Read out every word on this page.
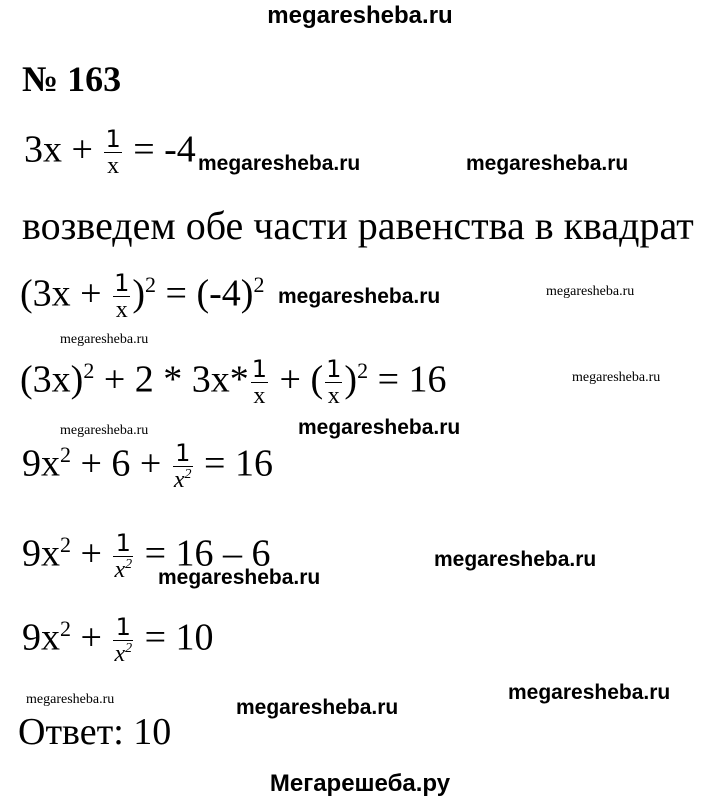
megaresheba.ru
№ 163
$3x + \frac{1}{x} = -4$
возведем обе части равенства в квадрат
$(3x + \frac{1}{x} )^2 = (-4)^2$
$(3x)^2 + 2 * 3x* \frac{1}{x}$ + ( $\frac{1}{x} )^2 = 16$
$9x^2 + 6 + \frac{1}{x^2} = 16$
$9x^2 + \frac{1}{x^2} = 16 - 6$
$9x^2 + \frac{1}{x^2} = 10$
Ответ: 10
megaresheba.ru	megaresheba.ru
megaresheba.ru	megaresheba.ru
megaresheba.ru
megaresheba.ru
megaresheba.ru	megaresheba.ru
megaresheba.ru
megaresheba.ru
megaresheba.ru	megaresheba.ru
megaresheba.ru
Мегарешеба.ру
